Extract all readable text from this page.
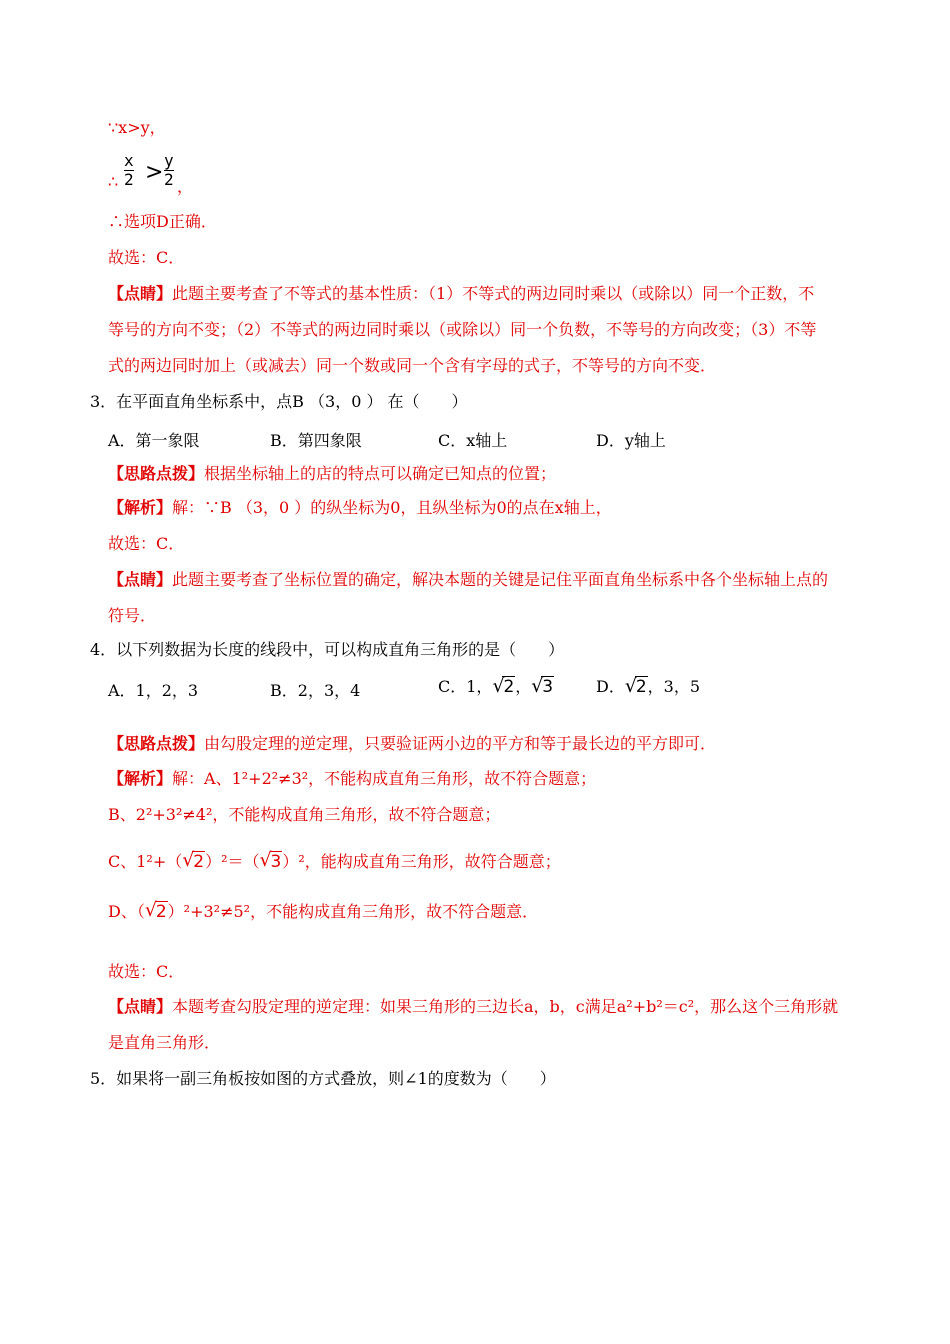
∵x>y，
∴
x
2 > y
2 ，
∴选项D正确．
故选：C．
【点睛】此题主要考查了不等式的基本性质：（1）不等式的两边同时乘以（或除以）同一个正数，不
等号的方向不变；（2）不等式的两边同时乘以（或除以）同一个负数，不等号的方向改变；（3）不等
式的两边同时加上（或减去）同一个数或同一个含有字母的式子，不等号的方向不变．
3．在平面直角坐标系中，点B （3，0 ） 在（　　）
A．第一象限	B．第四象限	C．x轴上	D．y轴上
【思路点拨】根据坐标轴上的店的特点可以确定已知点的位置；
【解析】解：∵B （3，0 ）的纵坐标为0，且纵坐标为0的点在x轴上，
故选：C．
【点睛】此题主要考查了坐标位置的确定，解决本题的关键是记住平面直角坐标系中各个坐标轴上点的
符号．
4．以下列数据为长度的线段中，可以构成直角三角形的是（　　）
A．1，2，3	B．2，3，4	C．1， √
2， √
3	D． √
2，3，5
【思路点拨】由勾股定理的逆定理，只要验证两小边的平方和等于最长边的平方即可．
【解析】解：A、1²+2²≠3²，不能构成直角三角形，故不符合题意；
B、2²+3²≠4²，不能构成直角三角形，故不符合题意；
C、1²+（ √
2）²＝（ √
3）²，能构成直角三角形，故符合题意；
D、（ √
2）²+3²≠5²，不能构成直角三角形，故不符合题意．
故选：C．
【点睛】本题考查勾股定理的逆定理：如果三角形的三边长a，b，c满足a²+b²＝c²，那么这个三角形就
是直角三角形．
5．如果将一副三角板按如图的方式叠放，则∠1的度数为（　　）
